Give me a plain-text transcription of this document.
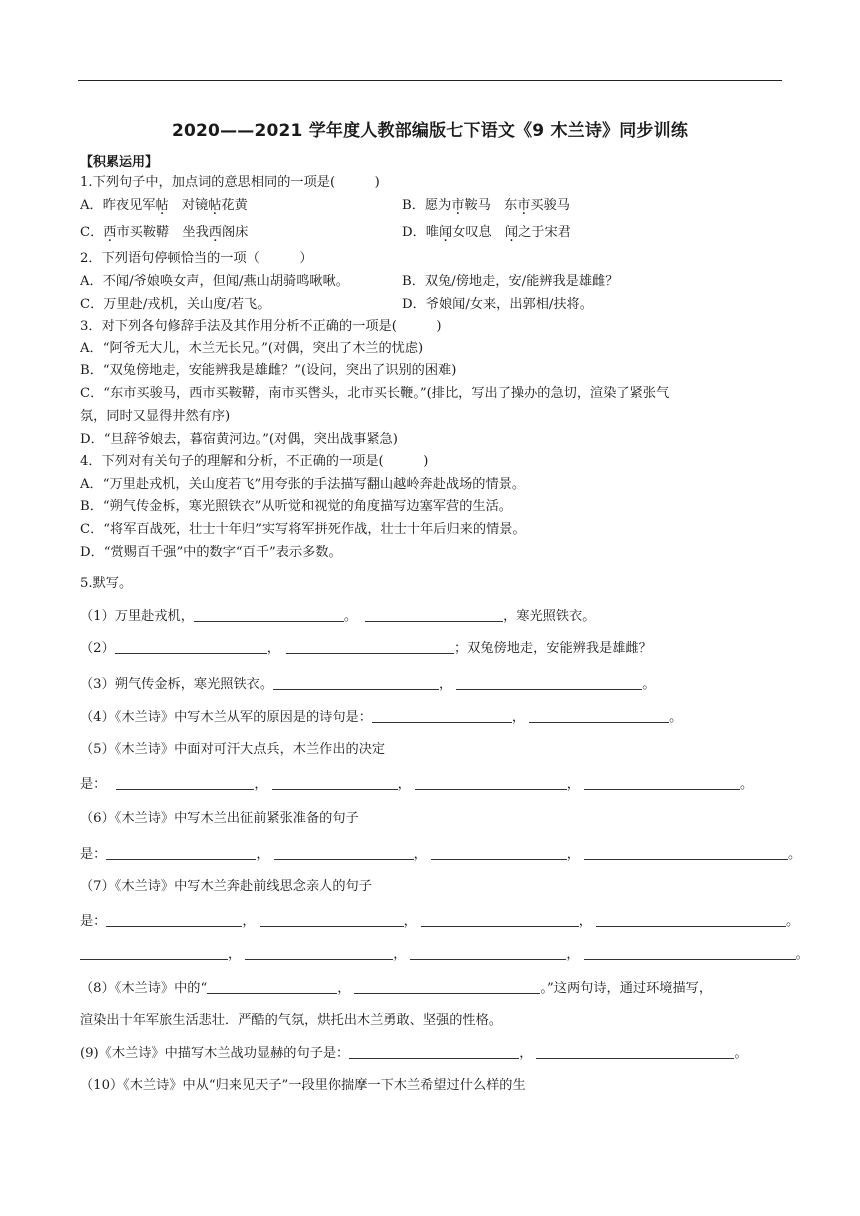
2020——2021 学年度人教部编版七下语文《9 木兰诗》同步训练
【积累运用】
1.下列句子中，加点词的意思相同的一项是(　　　)
A．昨夜见军帖　对镜帖花黄	B．愿为市鞍马　东市买骏马
C．西市买鞍鞯　坐我西阁床	D．唯闻女叹息　闻之于宋君
2．下列语句停顿恰当的一项（　　　）
A．不闻/爷娘唤女声，但闻/燕山胡骑鸣啾啾。	B．双兔/傍地走，安/能辨我是雄雌？
C．万里赴/戎机，关山度/若飞。	D．爷娘闻/女来，出郭相/扶将。
3．对下列各句修辞手法及其作用分析不正确的一项是(　　　)
A．“阿爷无大儿，木兰无长兄。”(对偶，突出了木兰的忧虑)
B．“双兔傍地走，安能辨我是雄雌？”(设问，突出了识别的困难)
C．“东市买骏马，西市买鞍鞯，南市买辔头，北市买长鞭。”(排比，写出了操办的急切，渲染了紧张气
氛，同时又显得井然有序)
D．“旦辞爷娘去，暮宿黄河边。”(对偶，突出战事紧急)
4．下列对有关句子的理解和分析，不正确的一项是(　　　)
A．“万里赴戎机，关山度若飞”用夸张的手法描写翻山越岭奔赴战场的情景。
B．“朔气传金柝，寒光照铁衣”从听觉和视觉的角度描写边塞军营的生活。
C．“将军百战死，壮士十年归”实写将军拼死作战，壮士十年后归来的情景。
D．“赏赐百千强”中的数字“百千”表示多数。
5.默写。
（1）万里赴戎机，	。	，寒光照铁衣。
（2）	，	；双兔傍地走，安能辨我是雄雌？
（3）朔气传金柝，寒光照铁衣。	，	。
（4）《木兰诗》中写木兰从军的原因是的诗句是：	，	。
（5）《木兰诗》中面对可汗大点兵，木兰作出的决定
是：	，	，	，	。
（6）《木兰诗》中写木兰出征前紧张准备的句子
是：	，	，	，	。
（7）《木兰诗》中写木兰奔赴前线思念亲人的句子
是：	，	，	，	。
，	，	，	。
（8）《木兰诗》中的“	，	。”这两句诗，通过环境描写，
渲染出十年军旅生活悲壮．严酷的气氛，烘托出木兰勇敢、坚强的性格。
(9)《木兰诗》中描写木兰战功显赫的句子是：	，	。
（10）《木兰诗》中从“归来见天子”一段里你揣摩一下木兰希望过什么样的生
